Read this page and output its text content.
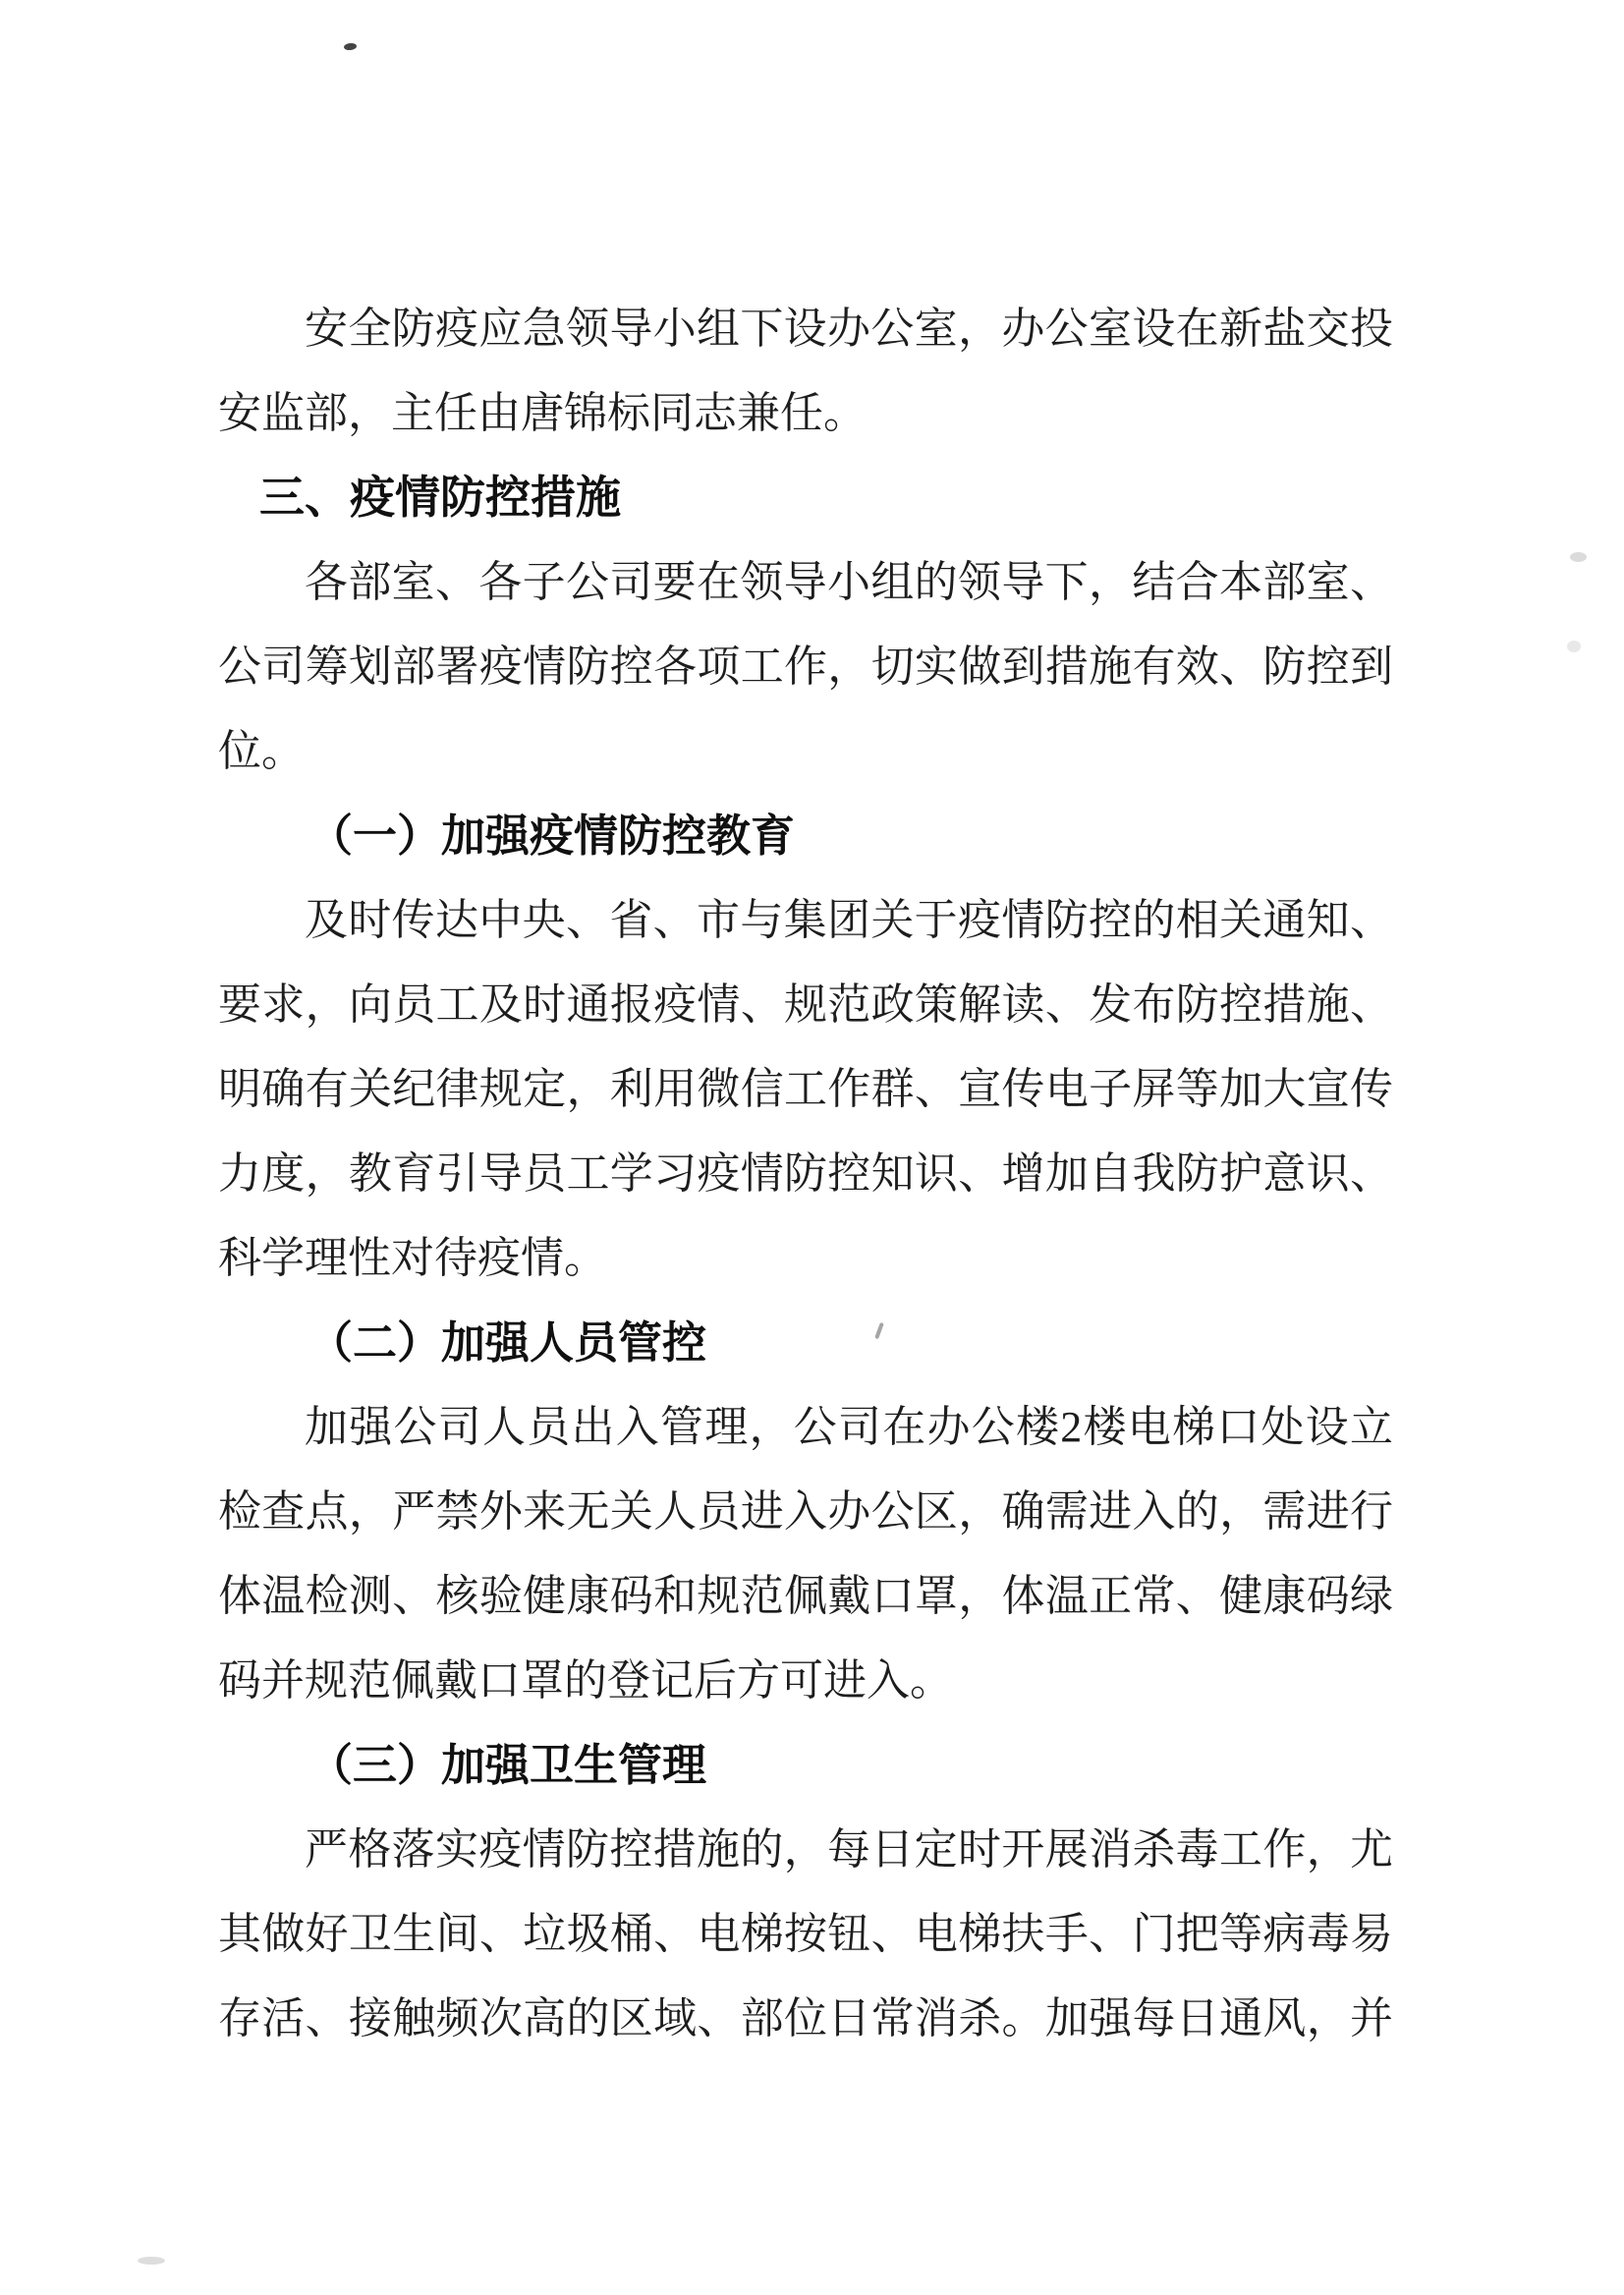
安全防疫应急领导小组下设办公室，办公室设在新盐交投
安监部，主任由唐锦标同志兼任。
三、疫情防控措施
各部室、各子公司要在领导小组的领导下，结合本部室、
公司筹划部署疫情防控各项工作，切实做到措施有效、防控到
位。
（一）加强疫情防控教育
及时传达中央、省、市与集团关于疫情防控的相关通知、
要求，向员工及时通报疫情、规范政策解读、发布防控措施、
明确有关纪律规定，利用微信工作群、宣传电子屏等加大宣传
力度，教育引导员工学习疫情防控知识、增加自我防护意识、
科学理性对待疫情。
（二）加强人员管控
加强公司人员出入管理，公司在办公楼2楼电梯口处设立
检查点，严禁外来无关人员进入办公区，确需进入的，需进行
体温检测、核验健康码和规范佩戴口罩，体温正常、健康码绿
码并规范佩戴口罩的登记后方可进入。
（三）加强卫生管理
严格落实疫情防控措施的，每日定时开展消杀毒工作，尤
其做好卫生间、垃圾桶、电梯按钮、电梯扶手、门把等病毒易
存活、接触频次高的区域、部位日常消杀。加强每日通风，并
